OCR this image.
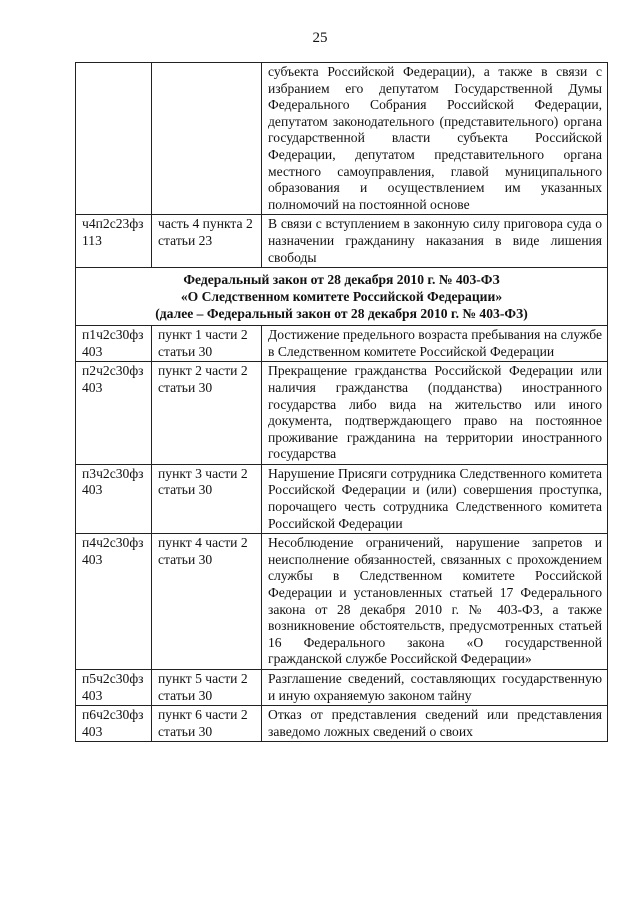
25
		субъекта Российской Федерации), а также в связи с избранием его депутатом Государственной Думы Федерального Собрания Российской Федерации, депутатом законодательного (представительного) органа государственной власти субъекта Российской Федерации, депутатом представительного органа местного самоуправления, главой муниципального образования и осуществлением им указанных полномочий на постоянной основе
ч4п2с23фз 113	часть 4 пункта 2 статьи 23	В связи с вступлением в законную силу приговора суда о назначении гражданину наказания в виде лишения свободы

Федеральный закон от 28 декабря 2010 г. № 403-ФЗ
«О Следственном комитете Российской Федерации»
(далее – Федеральный закон от 28 декабря 2010 г. № 403-ФЗ)		

п1ч2с30фз 403	пункт 1 части 2 статьи 30	Достижение предельного возраста пребывания на службе в Следственном комитете Российской Федерации
п2ч2с30фз 403	пункт 2 части 2 статьи 30	Прекращение гражданства Российской Федерации или наличия гражданства (подданства) иностранного государства либо вида на жительство или иного документа, подтверждающего право на постоянное проживание гражданина на территории иностранного государства
п3ч2с30фз 403	пункт 3 части 2 статьи 30	Нарушение Присяги сотрудника Следственного комитета Российской Федерации и (или) совершения проступка, порочащего честь сотрудника Следственного комитета Российской Федерации
п4ч2с30фз 403	пункт 4 части 2 статьи 30	Несоблюдение ограничений, нарушение запретов и неисполнение обязанностей, связанных с прохождением службы в Следственном комитете Российской Федерации и установленных статьей 17 Федерального закона от 28 декабря 2010 г. № 403-ФЗ, а также возникновение обстоятельств, предусмотренных статьей 16 Федерального закона «О государственной гражданской службе Российской Федерации»
п5ч2с30фз 403	пункт 5 части 2 статьи 30	Разглашение сведений, составляющих государственную и иную охраняемую законом тайну
п6ч2с30фз 403	пункт 6 части 2 статьи 30	Отказ от представления сведений или представления заведомо ложных сведений о своих
